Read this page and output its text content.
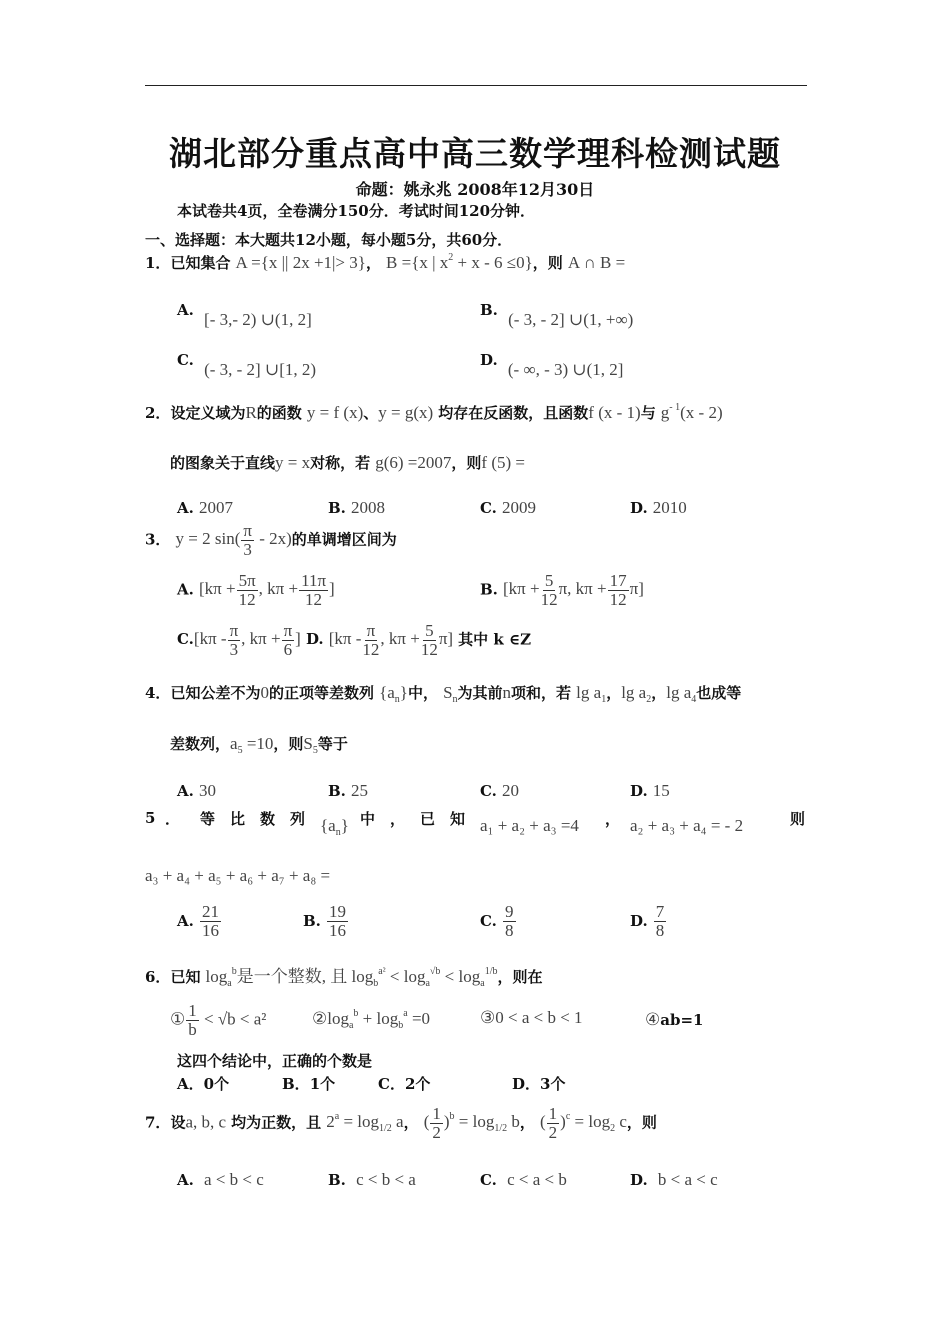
湖北部分重点高中高三数学理科检测试题
命题：姚永兆 2008年12月30日
本试卷共4页，全卷满分150分．考试时间120分钟．
一、选择题：本大题共12小题，每小题5分，共60分．
1．已知集合 A ={x || 2x +1|> 3}， B ={x | $x^2 + x - 6 \le 0$}，则 A ∩ B =
A. [- 3,- 2) ∪(1, 2]	B. (- 3, - 2] ∪(1, +∞)
C. (- 3, - 2] ∪[1, 2)	D. (- ∞, - 3) ∪(1, 2]
2．设定义域为R的函数 y = f (x)、y = g(x) 均存在反函数，且函数f (x - 1)与 $g^{- 1}(x - 2)$
的图象关于直线y = x对称，若 g(6) =2007，则f (5) =
A. 2007	B. 2008	C. 2009	D. 2010
3． y = 2 $\sin( \frac{\pi}{3} - 2x)$的单调增区间为
A. [$k\pi + \frac{5\pi}{12}$ , $k\pi + \frac{11\pi}{12}$ ]	B. [$k\pi + \frac{5}{12} \pi$, $k\pi + \frac{17}{12} \pi$]
$C.[k\pi - \frac{\pi}{3}$ , $k\pi + \frac{\pi}{6}$ ] D. [$k\pi - \frac{\pi}{12}$ , $k\pi + \frac{5}{12} \pi$] 其中 k ∈Z
4．已知公差不为0的正项等差数列 $\{a_n\}$中， $S_n$为其前n项和，若 $\lg a_1$，$\lg a_2$，$\lg a_4$也成等
差数列，$a_5 =10$，则$S_5$等于
A. 30	B. 25	C. 20	D. 15
5 ． 等 比 数 列 $\{a_n\}$ 中 ， 已 知 a₁ + a₂ + a₃ =4 ， a₂ + a₃ + a₄ = - 2	则
a₃ + a₄ + a₅ + a₆ + a₇ + a₈ =
A. $\frac{21}{16}$	B. $\frac{19}{16}$	C. $\frac{9}{8}$	D. $\frac{7}{8}$
6．已知 $\log_a^b$是一个整数, 且 $\log_b^{a^2} < \log_a^{√b} < \log_a^{1/b}$，则在
① $\frac{1}{b} < √b < a^2$	$②\log_a^b + \log_b^a =0$	③0 < a < b < 1	④ab=1
这四个结论中，正确的个数是
A．0个	B．1个	C．2个	D．3个
7．设a, b, c 均为正数，且 $2^a = \log_{1/2} a$， ( $\frac{1}{2} )^b = \log_{1/2} b$， ( $\frac{1}{2} )^c = \log_2 c$，则
A. a < b < c	B. c < b < a	C. c < a < b	D. b < a < c
